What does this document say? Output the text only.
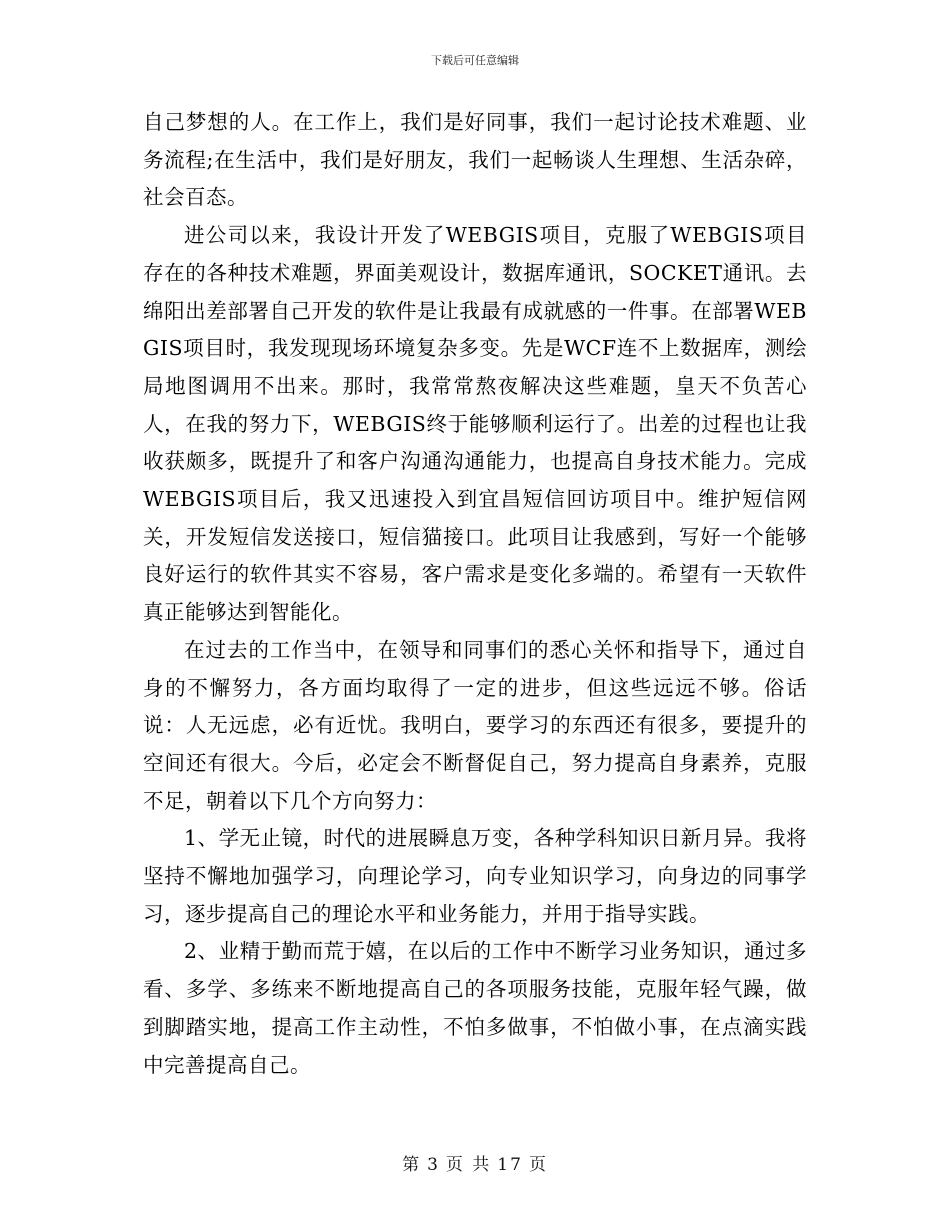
下载后可任意编辑

自己梦想的人。在工作上，我们是好同事，我们一起讨论技术难题、业务流程;在生活中，我们是好朋友，我们一起畅谈人生理想、生活杂碎，社会百态。

进公司以来，我设计开发了WEBGIS项目，克服了WEBGIS项目存在的各种技术难题，界面美观设计，数据库通讯，SOCKET通讯。去绵阳出差部署自己开发的软件是让我最有成就感的一件事。在部署WEBGIS项目时，我发现现场环境复杂多变。先是WCF连不上数据库，测绘局地图调用不出来。那时，我常常熬夜解决这些难题，皇天不负苦心人，在我的努力下，WEBGIS终于能够顺利运行了。出差的过程也让我收获颇多，既提升了和客户沟通沟通能力，也提高自身技术能力。完成WEBGIS项目后，我又迅速投入到宜昌短信回访项目中。维护短信网关，开发短信发送接口，短信猫接口。此项目让我感到，写好一个能够良好运行的软件其实不容易，客户需求是变化多端的。希望有一天软件真正能够达到智能化。

在过去的工作当中，在领导和同事们的悉心关怀和指导下，通过自身的不懈努力，各方面均取得了一定的进步，但这些远远不够。俗话说：人无远虑，必有近忧。我明白，要学习的东西还有很多，要提升的空间还有很大。今后，必定会不断督促自己，努力提高自身素养，克服不足，朝着以下几个方向努力：

1、学无止镜，时代的进展瞬息万变，各种学科知识日新月异。我将坚持不懈地加强学习，向理论学习，向专业知识学习，向身边的同事学习，逐步提高自己的理论水平和业务能力，并用于指导实践。

2、业精于勤而荒于嬉，在以后的工作中不断学习业务知识，通过多看、多学、多练来不断地提高自己的各项服务技能，克服年轻气躁，做到脚踏实地，提高工作主动性，不怕多做事，不怕做小事，在点滴实践中完善提高自己。

第 3 页 共 17 页
